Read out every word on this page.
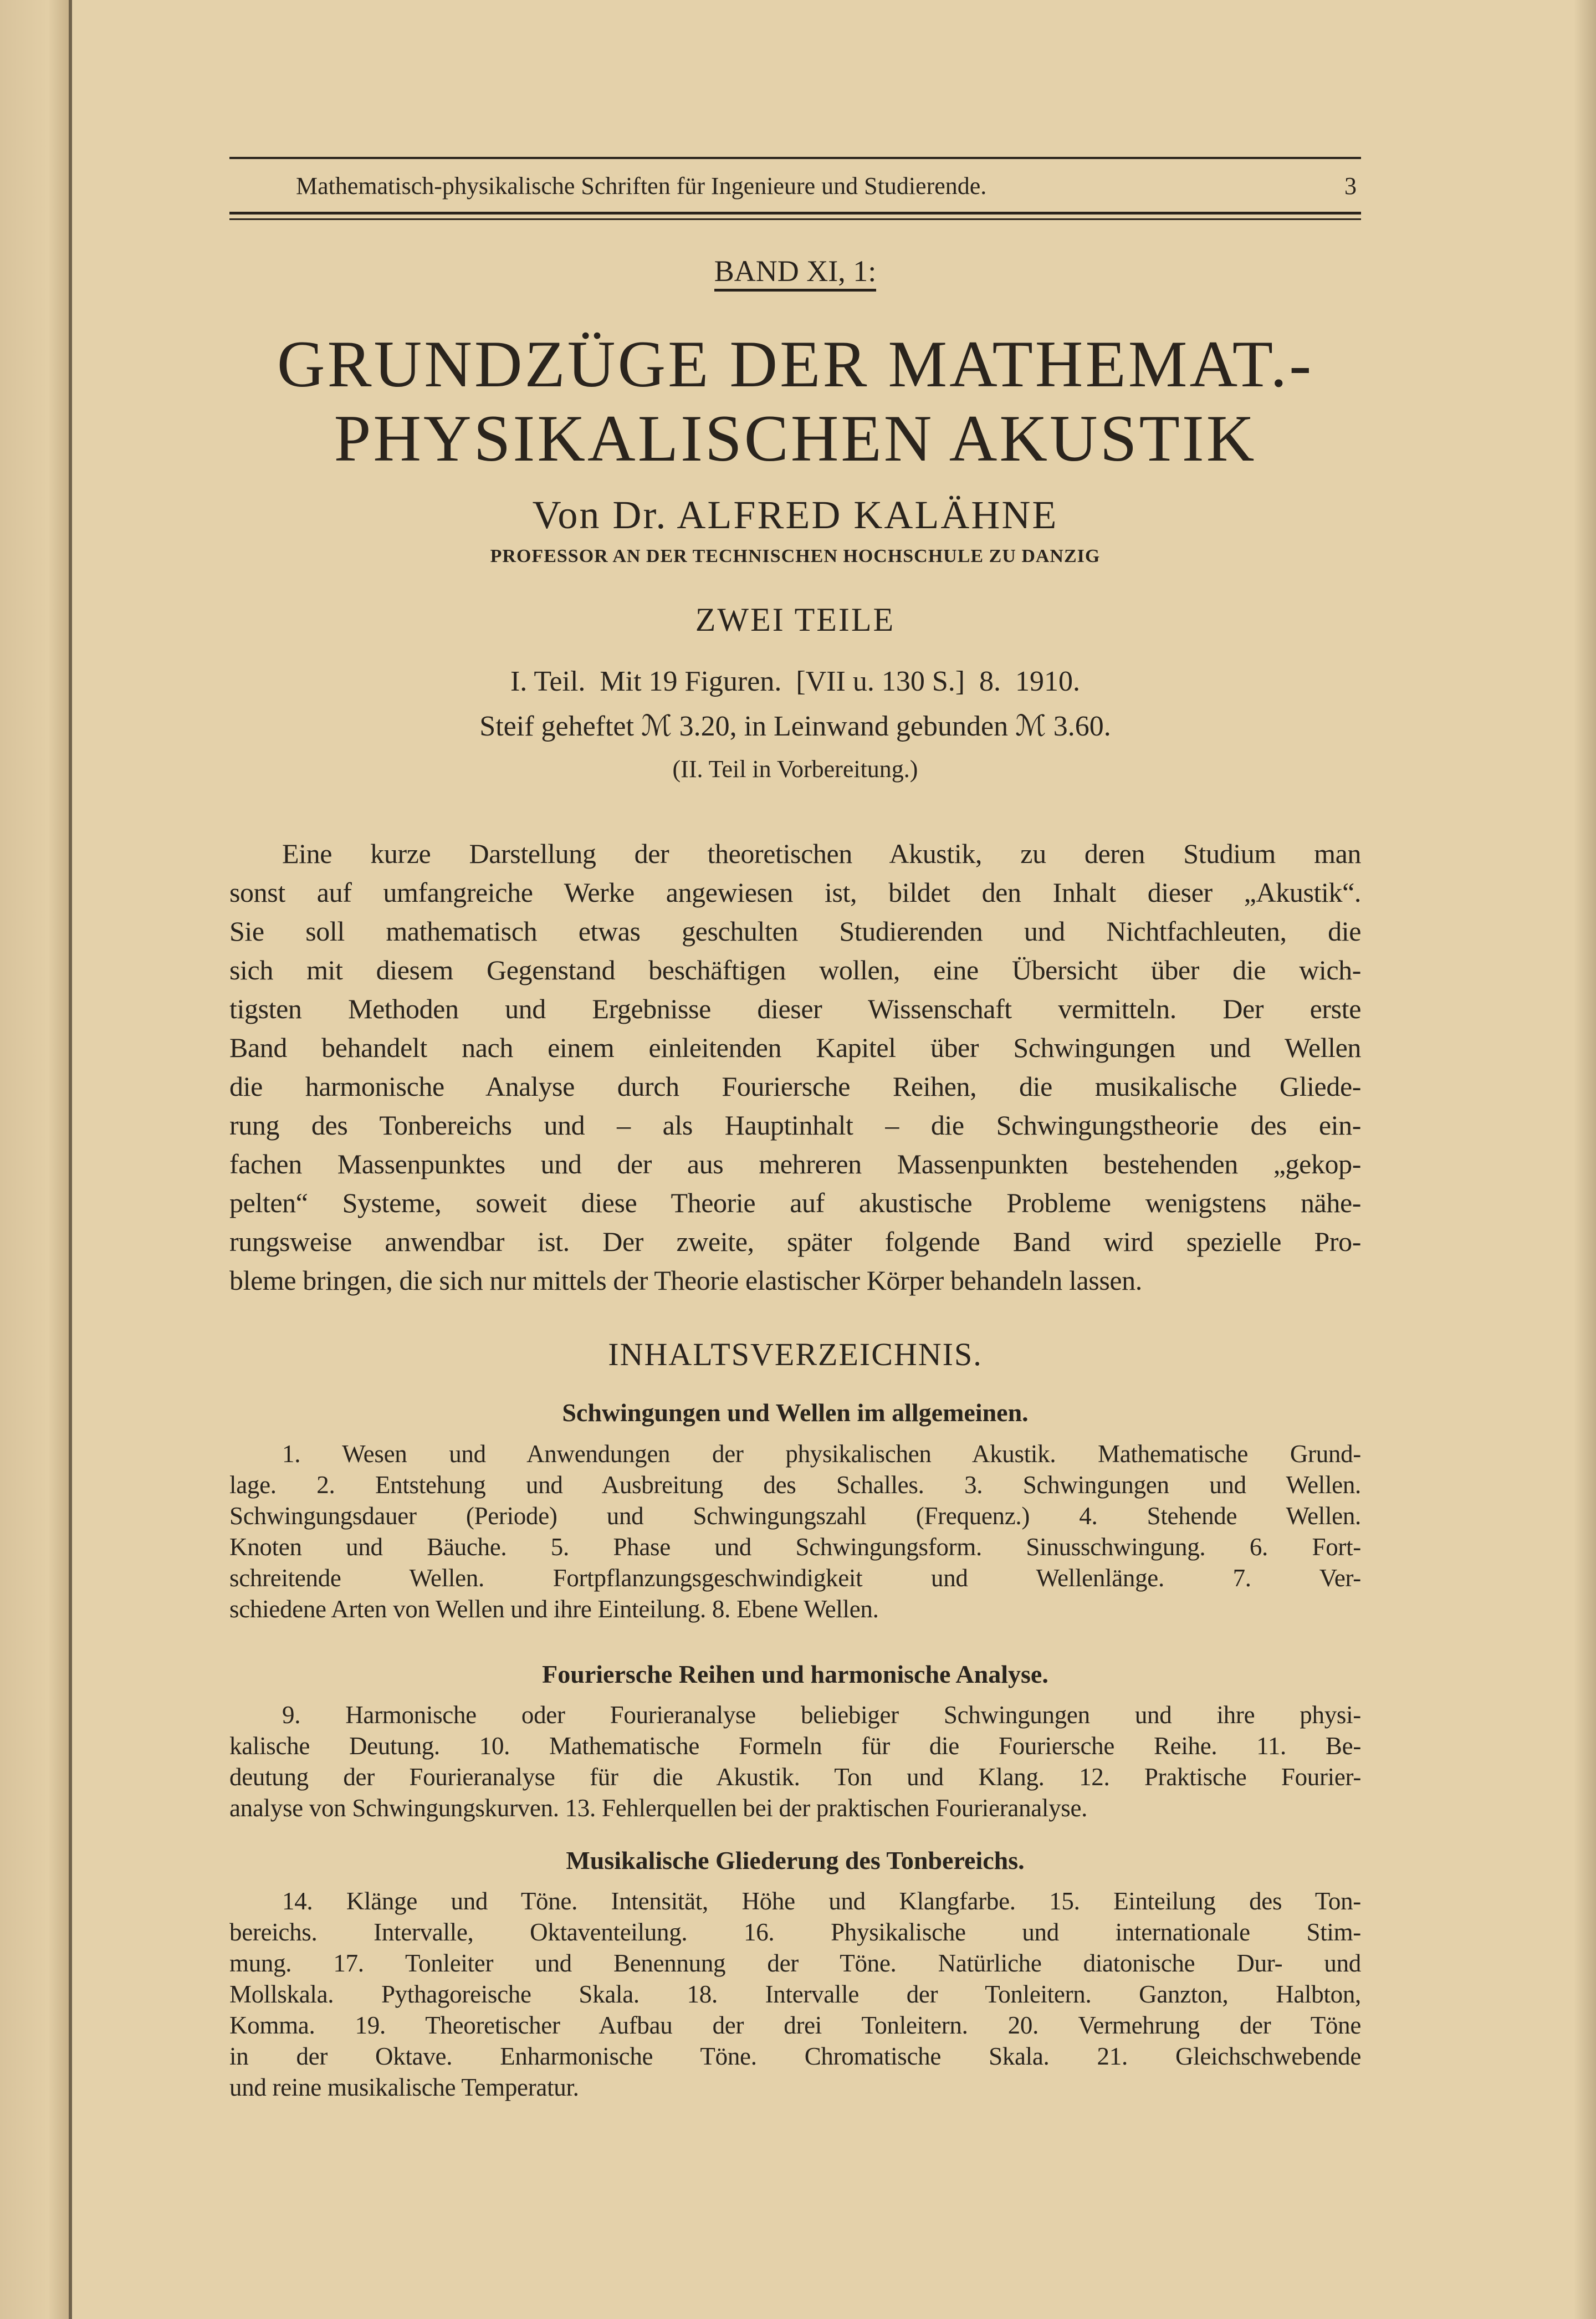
Mathematisch-physikalische Schriften für Ingenieure und Studierende.	3
BAND XI, 1:
GRUNDZÜGE DER MATHEMAT.-
PHYSIKALISCHEN AKUSTIK
Von Dr. ALFRED KALÄHNE
PROFESSOR AN DER TECHNISCHEN HOCHSCHULE ZU DANZIG
ZWEI TEILE
I. Teil.  Mit 19 Figuren.  [VII u. 130 S.]  8.  1910.
Steif geheftet ℳ 3.20, in Leinwand gebunden ℳ 3.60.
(II. Teil in Vorbereitung.)
Eine kurze Darstellung der theoretischen Akustik, zu deren Studium man
sonst auf umfangreiche Werke angewiesen ist, bildet den Inhalt dieser „Akustik“.
Sie soll mathematisch etwas geschulten Studierenden und Nichtfachleuten, die
sich mit diesem Gegenstand beschäftigen wollen, eine Übersicht über die wich-
tigsten Methoden und Ergebnisse dieser Wissenschaft vermitteln. Der erste
Band behandelt nach einem einleitenden Kapitel über Schwingungen und Wellen
die harmonische Analyse durch Fouriersche Reihen, die musikalische Gliede-
rung des Tonbereichs und – als Hauptinhalt – die Schwingungstheorie des ein-
fachen Massenpunktes und der aus mehreren Massenpunkten bestehenden „gekop-
pelten“ Systeme, soweit diese Theorie auf akustische Probleme wenigstens nähe-
rungsweise anwendbar ist. Der zweite, später folgende Band wird spezielle Pro-
bleme bringen, die sich nur mittels der Theorie elastischer Körper behandeln lassen.
INHALTSVERZEICHNIS.
Schwingungen und Wellen im allgemeinen.
1. Wesen und Anwendungen der physikalischen Akustik. Mathematische Grund-
lage. 2. Entstehung und Ausbreitung des Schalles. 3. Schwingungen und Wellen.
Schwingungsdauer (Periode) und Schwingungszahl (Frequenz.) 4. Stehende Wellen.
Knoten und Bäuche. 5. Phase und Schwingungsform. Sinusschwingung. 6. Fort-
schreitende Wellen. Fortpflanzungsgeschwindigkeit und Wellenlänge. 7. Ver-
schiedene Arten von Wellen und ihre Einteilung. 8. Ebene Wellen.
Fouriersche Reihen und harmonische Analyse.
9. Harmonische oder Fourieranalyse beliebiger Schwingungen und ihre physi-
kalische Deutung. 10. Mathematische Formeln für die Fouriersche Reihe. 11. Be-
deutung der Fourieranalyse für die Akustik. Ton und Klang. 12. Praktische Fourier-
analyse von Schwingungskurven. 13. Fehlerquellen bei der praktischen Fourieranalyse.
Musikalische Gliederung des Tonbereichs.
14. Klänge und Töne. Intensität, Höhe und Klangfarbe. 15. Einteilung des Ton-
bereichs. Intervalle, Oktaventeilung. 16. Physikalische und internationale Stim-
mung. 17. Tonleiter und Benennung der Töne. Natürliche diatonische Dur- und
Mollskala. Pythagoreische Skala. 18. Intervalle der Tonleitern. Ganzton, Halbton,
Komma. 19. Theoretischer Aufbau der drei Tonleitern. 20. Vermehrung der Töne
in der Oktave. Enharmonische Töne. Chromatische Skala. 21. Gleichschwebende
und reine musikalische Temperatur.
